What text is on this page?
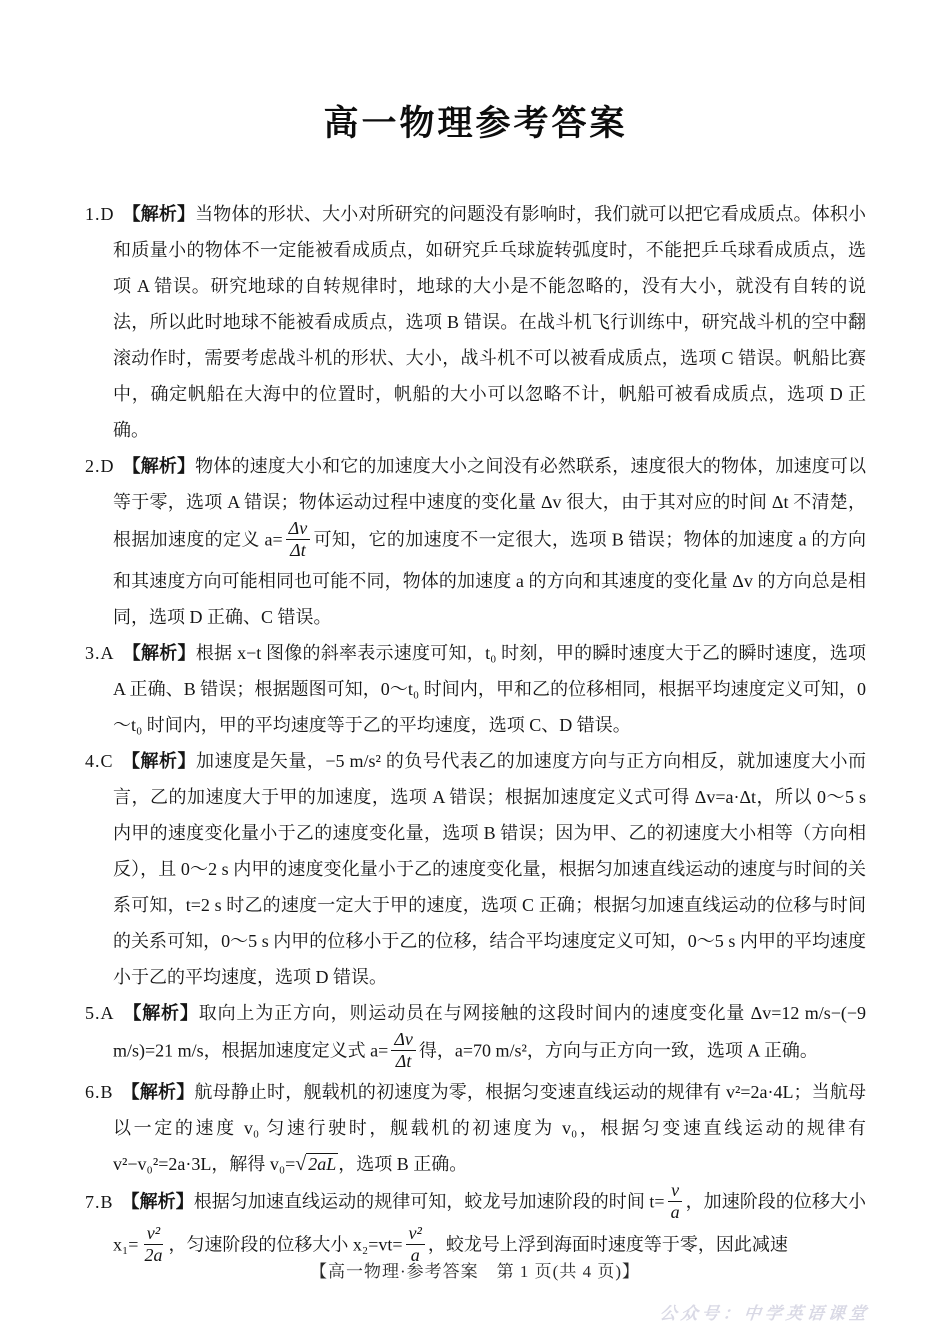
高一物理参考答案

1.D 【解析】当物体的形状、大小对所研究的问题没有影响时，我们就可以把它看成质点。体积小和质量小的物体不一定能被看成质点，如研究乒乓球旋转弧度时，不能把乒乓球看成质点，选项 A 错误。研究地球的自转规律时，地球的大小是不能忽略的，没有大小，就没有自转的说法，所以此时地球不能被看成质点，选项 B 错误。在战斗机飞行训练中，研究战斗机的空中翻滚动作时，需要考虑战斗机的形状、大小，战斗机不可以被看成质点，选项 C 错误。帆船比赛中，确定帆船在大海中的位置时，帆船的大小可以忽略不计，帆船可被看成质点，选项 D 正确。

2.D 【解析】物体的速度大小和它的加速度大小之间没有必然联系，速度很大的物体，加速度可以等于零，选项 A 错误；物体运动过程中速度的变化量 Δv 很大，由于其对应的时间 Δt 不清楚，根据加速度的定义 $a= \frac{\Delta v}{\Delta t}$ 可知，它的加速度不一定很大，选项 B 错误；物体的加速度 a 的方向和其速度方向可能相同也可能不同，物体的加速度 a 的方向和其速度的变化量 Δv 的方向总是相同，选项 D 正确、C 错误。

3.A 【解析】根据 x−t 图像的斜率表示速度可知，t₀ 时刻，甲的瞬时速度大于乙的瞬时速度，选项 A 正确、B 错误；根据题图可知，0～t₀ 时间内，甲和乙的位移相同，根据平均速度定义可知，0～t₀ 时间内，甲的平均速度等于乙的平均速度，选项 C、D 错误。

4.C 【解析】加速度是矢量，−5 m/s² 的负号代表乙的加速度方向与正方向相反，就加速度大小而言，乙的加速度大于甲的加速度，选项 A 错误；根据加速度定义式可得 Δv=a·Δt，所以 0～5 s 内甲的速度变化量小于乙的速度变化量，选项 B 错误；因为甲、乙的初速度大小相等（方向相反），且 0～2 s 内甲的速度变化量小于乙的速度变化量，根据匀加速直线运动的速度与时间的关系可知，t=2 s 时乙的速度一定大于甲的速度，选项 C 正确；根据匀加速直线运动的位移与时间的关系可知，0～5 s 内甲的位移小于乙的位移，结合平均速度定义可知，0～5 s 内甲的平均速度小于乙的平均速度，选项 D 错误。

5.A 【解析】取向上为正方向，则运动员在与网接触的这段时间内的速度变化量 Δv=12 m/s−(−9 m/s)=21 m/s，根据加速度定义式 $a= \frac{\Delta v}{\Delta t}$ 得，a=70 m/s²，方向与正方向一致，选项 A 正确。

6.B 【解析】航母静止时，舰载机的初速度为零，根据匀变速直线运动的规律有 v²=2a·4L；当航母以一定的速度 v₀ 匀速行驶时，舰载机的初速度为 v₀，根据匀变速直线运动的规律有 v²−v₀²=2a·3L，解得 v₀=√ 2aL ，选项 B 正确。

7.B 【解析】根据匀加速直线运动的规律可知，蛟龙号加速阶段的时间 $t= \frac{v}{a}$ ，加速阶段的位移大小 $x_1= \frac{\text{v²}}{2a}$ ，匀速阶段的位移大小 $x_2=vt= \frac{\text{v²}}{a}$ ，蛟龙号上浮到海面时速度等于零，因此减速

【高一物理·参考答案　第 1 页(共 4 页)】
公众号：中学英语课堂
